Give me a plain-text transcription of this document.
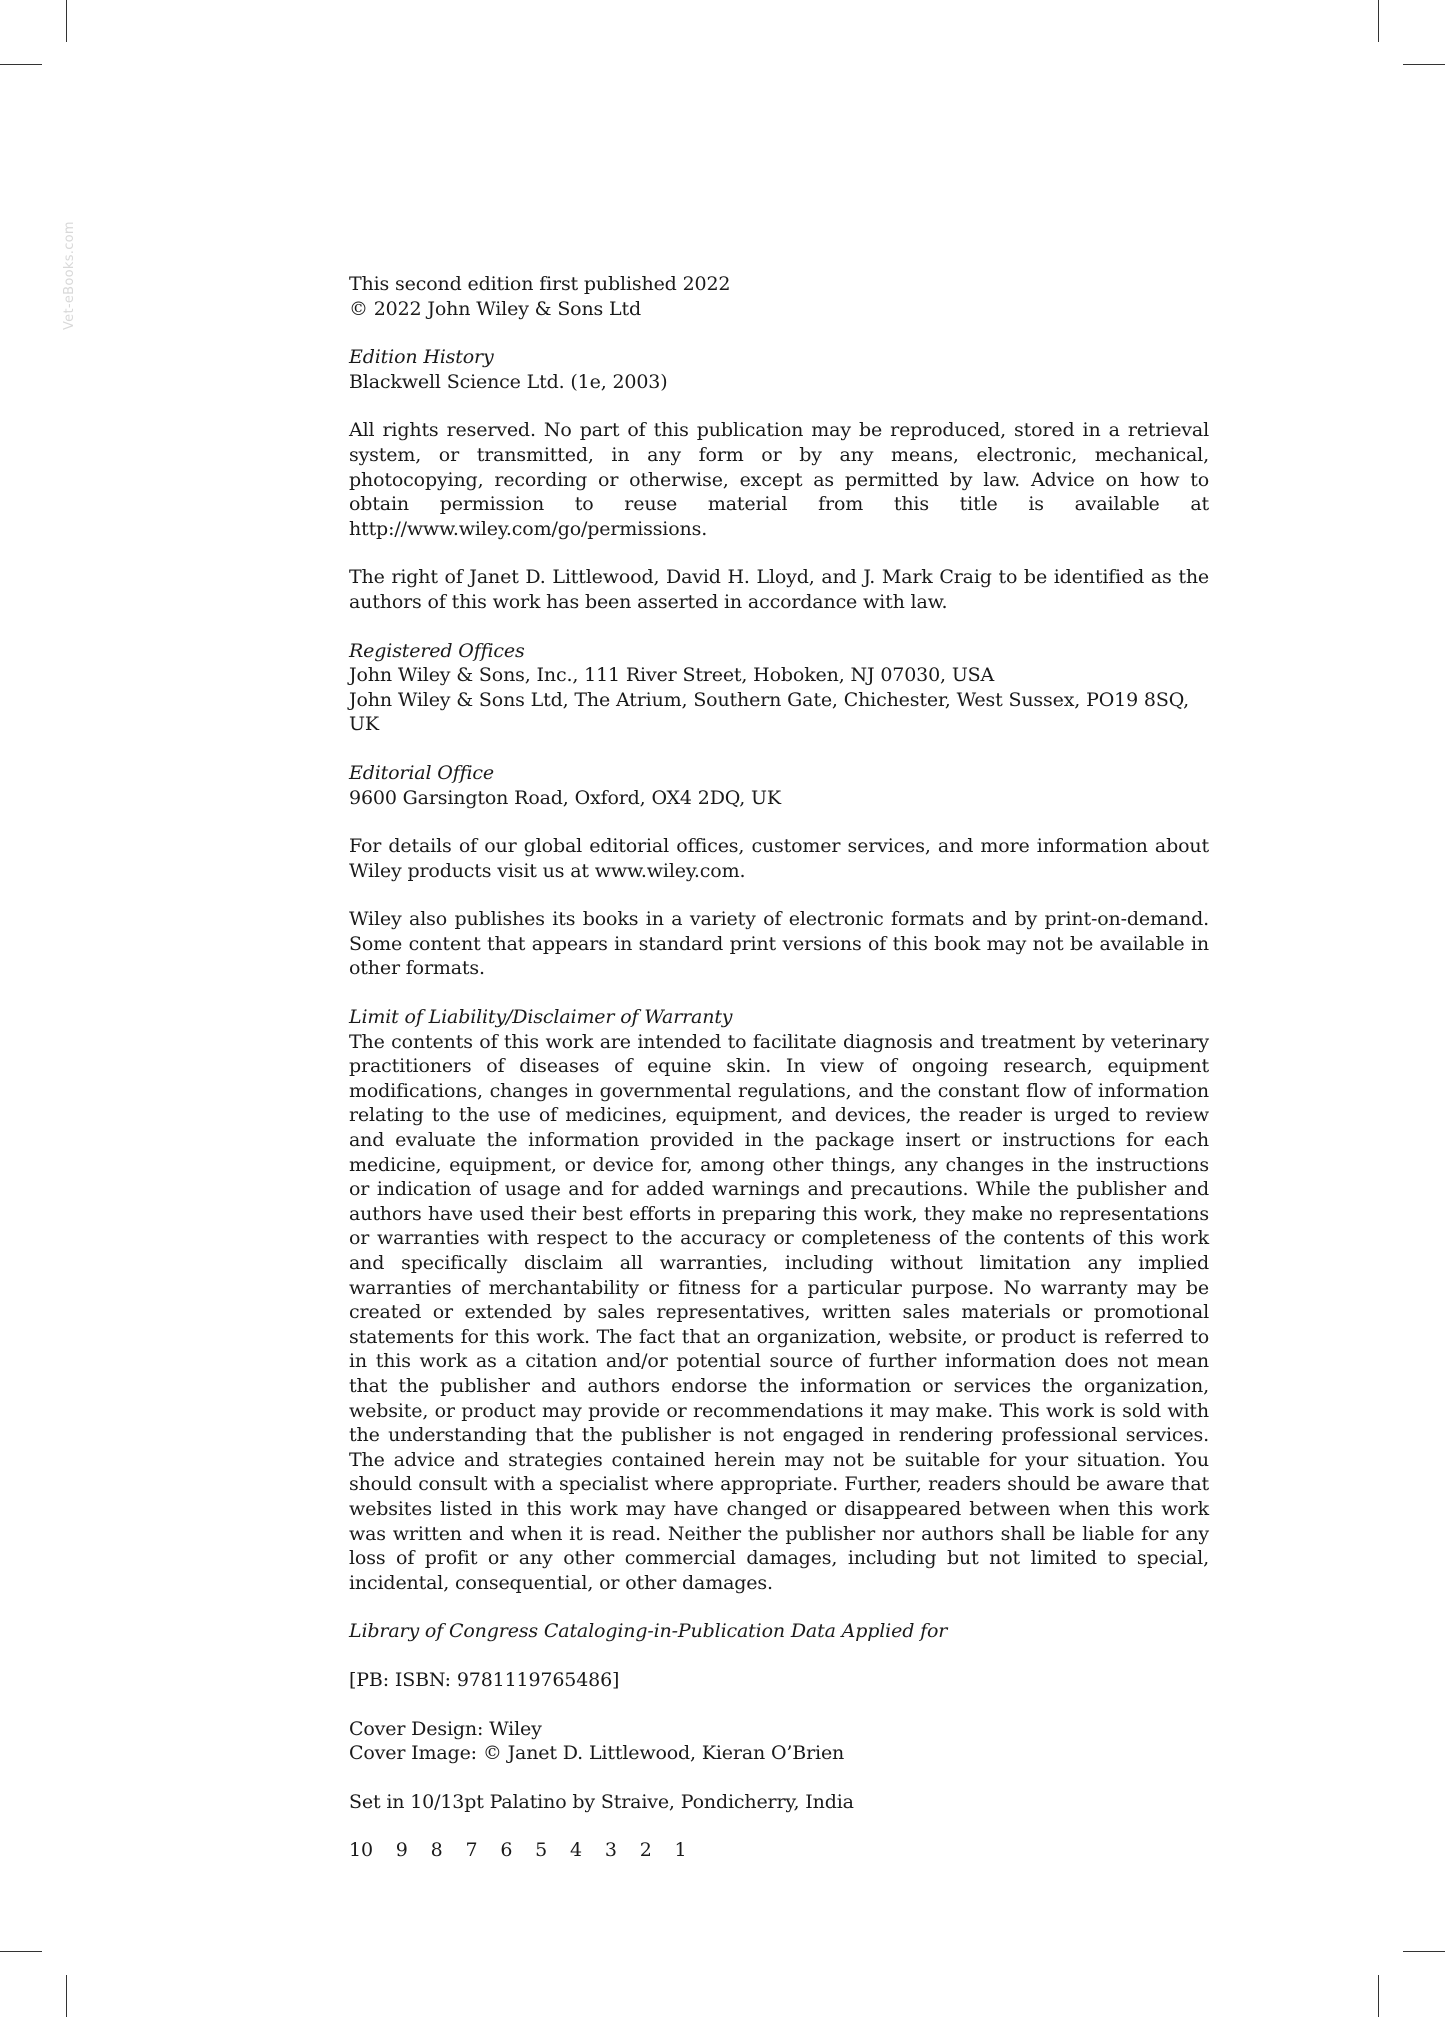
Vet-eBooks.com	This second edition first published 2022

© 2022 John Wiley & Sons Ltd

Edition History

Blackwell Science Ltd. (1e, 2003)

All rights reserved. No part of this publication may be reproduced, stored in a retrieval system, or transmitted, in any form or by any means, electronic, mechanical, photocopying, recording or otherwise, except as permitted by law. Advice on how to obtain permission to reuse material from this title is available at http://www.wiley.com/go/permissions.

The right of Janet D. Littlewood, David H. Lloyd, and J. Mark Craig to be identified as the authors of this work has been asserted in accordance with law.

Registered Offices

John Wiley & Sons, Inc., 111 River Street, Hoboken, NJ 07030, USA

John Wiley & Sons Ltd, The Atrium, Southern Gate, Chichester, West Sussex, PO19 8SQ, UK

Editorial Office

9600 Garsington Road, Oxford, OX4 2DQ, UK

For details of our global editorial offices, customer services, and more information about Wiley products visit us at www.wiley.com.

Wiley also publishes its books in a variety of electronic formats and by print-on-demand. Some content that appears in standard print versions of this book may not be available in other formats.

Limit of Liability/Disclaimer of Warranty

The contents of this work are intended to facilitate diagnosis and treatment by veterinary practitioners of diseases of equine skin. In view of ongoing research, equipment modifications, changes in governmental regulations, and the constant flow of information relating to the use of medicines, equipment, and devices, the reader is urged to review and evaluate the information provided in the package insert or instructions for each medicine, equipment, or device for, among other things, any changes in the instructions or indication of usage and for added warnings and precautions. While the publisher and authors have used their best efforts in preparing this work, they make no representations or warranties with respect to the accuracy or completeness of the contents of this work and specifically disclaim all warranties, including without limitation any implied warranties of merchantability or fitness for a particular purpose. No warranty may be created or extended by sales representatives, written sales materials or promotional statements for this work. The fact that an organization, website, or product is referred to in this work as a citation and/or potential source of further information does not mean that the publisher and authors endorse the information or services the organization, website, or product may provide or recommendations it may make. This work is sold with the understanding that the publisher is not engaged in rendering professional services. The advice and strategies contained herein may not be suitable for your situation. You should consult with a specialist where appropriate. Further, readers should be aware that websites listed in this work may have changed or disappeared between when this work was written and when it is read. Neither the publisher nor authors shall be liable for any loss of profit or any other commercial damages, including but not limited to special, incidental, consequential, or other damages.

Library of Congress Cataloging-in-Publication Data Applied for

[PB: ISBN: 9781119765486]

Cover Design: Wiley

Cover Image: © Janet D. Littlewood, Kieran O’Brien

Set in 10/13pt Palatino by Straive, Pondicherry, India

10 9 8 7 6 5 4 3 2 1
